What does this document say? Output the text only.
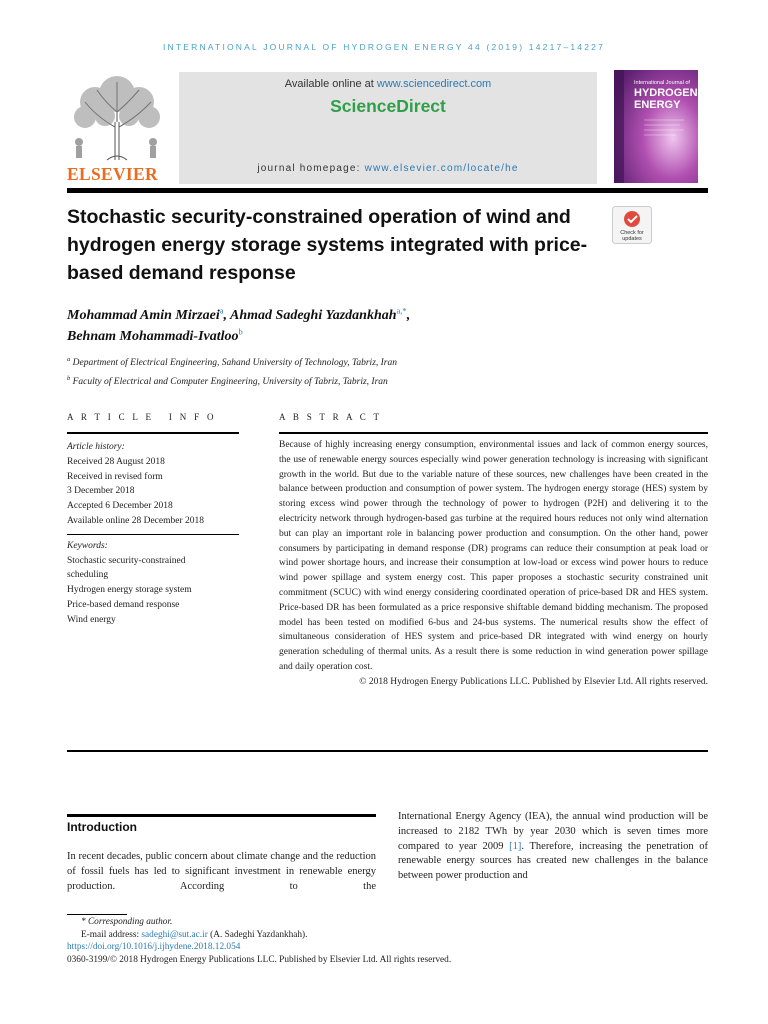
INTERNATIONAL JOURNAL OF HYDROGEN ENERGY 44 (2019) 14217–14227
ELSEVIER
Available online at www.sciencedirect.com
ScienceDirect
journal homepage: www.elsevier.com/locate/he
International Journal of
HYDROGEN
ENERGY
Stochastic security-constrained operation of wind and hydrogen energy storage systems integrated with price-based demand response
Check for
updates
Mohammad Amin Mirzaei$^a$, Ahmad Sadeghi Yazdankhah$^{a,*}$,
Behnam Mohammadi-Ivatloo$^b$
$^a$ Department of Electrical Engineering, Sahand University of Technology, Tabriz, Iran
$^b$ Faculty of Electrical and Computer Engineering, University of Tabriz, Tabriz, Iran
A R T I C L E   I N F O	A B S T R A C T
Article history:
Received 28 August 2018
Received in revised form
3 December 2018
Accepted 6 December 2018
Available online 28 December 2018
Keywords:
Stochastic security-constrained
scheduling
Hydrogen energy storage system
Price-based demand response
Wind energy
Because of highly increasing energy consumption, environmental issues and lack of common energy sources, the use of renewable energy sources especially wind power generation technology is increasing with significant growth in the world. But due to the variable nature of these sources, new challenges have been created in the balance between production and consumption of power system. The hydrogen energy storage (HES) system by storing excess wind power through the technology of power to hydrogen (P2H) and delivering it to the electricity network through hydrogen-based gas turbine at the required hours reduces not only wind alternation but can play an important role in balancing power production and consumption. On the other hand, power consumers by participating in demand response (DR) programs can reduce their consumption at peak load or wind power shortage hours, and increase their consumption at low-load or excess wind power hours to reduce wind power spillage and system energy cost. This paper proposes a stochastic security constrained unit commitment (SCUC) with wind energy considering coordinated operation of price-based DR and HES system. Price-based DR has been formulated as a price responsive shiftable demand bidding mechanism. The proposed model has been tested on modified 6-bus and 24-bus systems. The numerical results show the effect of simultaneous consideration of HES system and price-based DR integrated with wind energy on hourly generation scheduling of thermal units. As a result there is some reduction in wind generation power spillage and daily operation cost.
© 2018 Hydrogen Energy Publications LLC. Published by Elsevier Ltd. All rights reserved.
Introduction
In recent decades, public concern about climate change and the reduction of fossil fuels has led to significant investment in renewable energy production. According to the
International Energy Agency (IEA), the annual wind production will be increased to 2182 TWh by year 2030 which is seven times more compared to year 2009 [1]. Therefore, increasing the penetration of renewable energy sources has created new challenges in the balance between power production and
* Corresponding author.
E-mail address: sadeghi@sut.ac.ir (A. Sadeghi Yazdankhah).
https://doi.org/10.1016/j.ijhydene.2018.12.054
0360-3199/© 2018 Hydrogen Energy Publications LLC. Published by Elsevier Ltd. All rights reserved.
